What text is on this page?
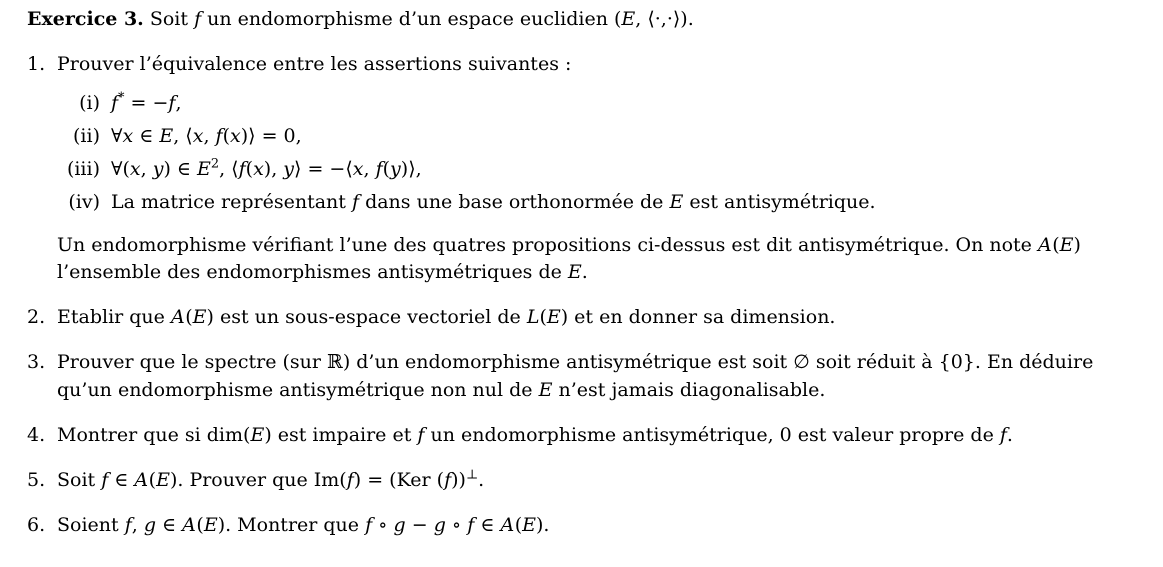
Exercice 3. Soit f un endomorphisme d’un espace euclidien (E, ⟨·,·⟩).

1. Prouver l’équivalence entre les assertions suivantes :
(i) f* = −f,
(ii) ∀x ∈ E, ⟨x, f(x)⟩ = 0,
(iii) ∀(x, y) ∈ $E^2$, ⟨f(x), y⟩ = −⟨x, f(y)⟩,
(iv) La matrice représentant f dans une base orthonormée de E est antisymétrique.

Un endomorphisme vérifiant l’une des quatres propositions ci-dessus est dit antisymétrique. On note A(E) l’ensemble des endomorphismes antisymétriques de E.

2. Etablir que A(E) est un sous-espace vectoriel de L(E) et en donner sa dimension.
3. Prouver que le spectre (sur ℝ) d’un endomorphisme antisymétrique est soit ∅ soit réduit à {0}. En déduire qu’un endomorphisme antisymétrique non nul de E n’est jamais diagonalisable.
4. Montrer que si dim(E) est impaire et f un endomorphisme antisymétrique, 0 est valeur propre de f.
5. Soit f ∈ A(E). Prouver que Im(f) = (Ker (f))⊥.
6. Soient f, g ∈ A(E). Montrer que f ∘ g − g ∘ f ∈ A(E).
